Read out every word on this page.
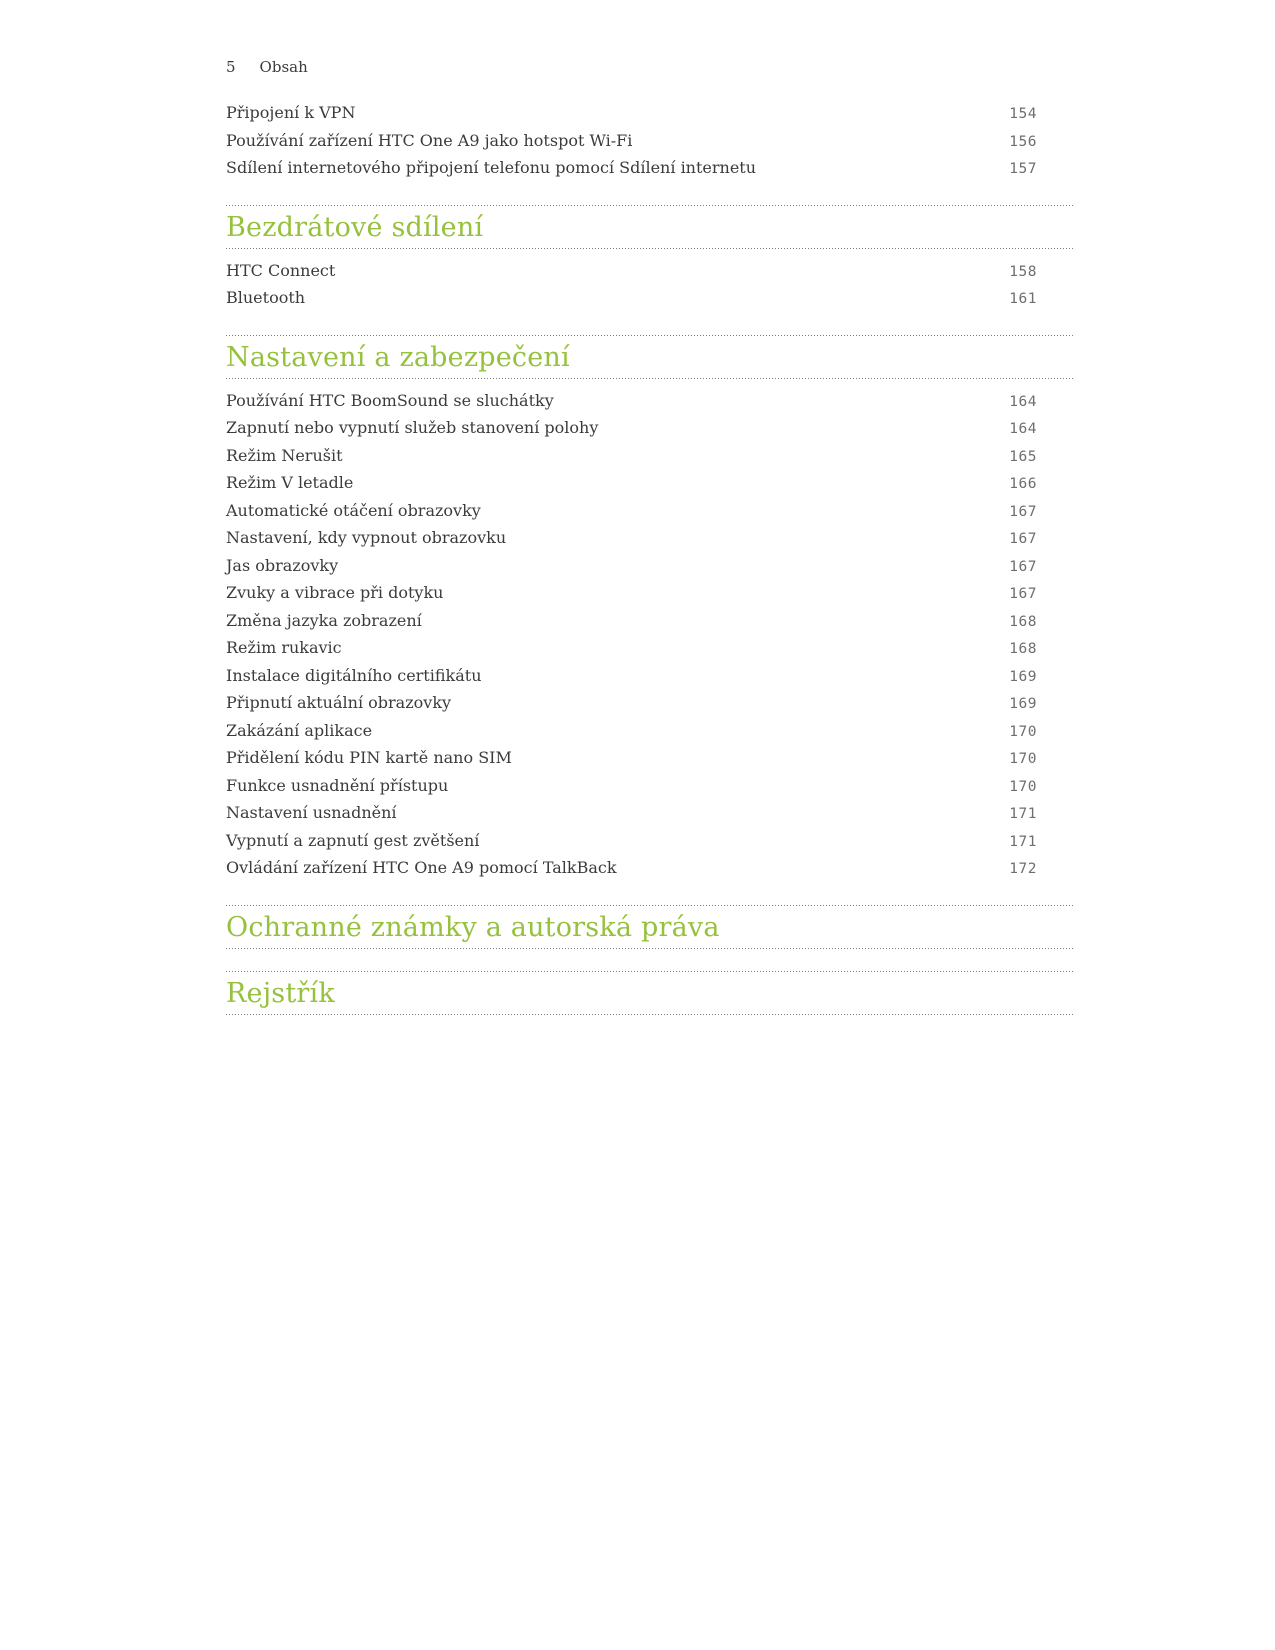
5 Obsah
Připojení k VPN	154
Používání zařízení HTC One A9 jako hotspot Wi-Fi	156
Sdílení internetového připojení telefonu pomocí Sdílení internetu	157
Bezdrátové sdílení
HTC Connect	158
Bluetooth	161
Nastavení a zabezpečení
Používání HTC BoomSound se sluchátky	164
Zapnutí nebo vypnutí služeb stanovení polohy	164
Režim Nerušit	165
Režim V letadle	166
Automatické otáčení obrazovky	167
Nastavení, kdy vypnout obrazovku	167
Jas obrazovky	167
Zvuky a vibrace při dotyku	167
Změna jazyka zobrazení	168
Režim rukavic	168
Instalace digitálního certifikátu	169
Připnutí aktuální obrazovky	169
Zakázání aplikace	170
Přidělení kódu PIN kartě nano SIM	170
Funkce usnadnění přístupu	170
Nastavení usnadnění	171
Vypnutí a zapnutí gest zvětšení	171
Ovládání zařízení HTC One A9 pomocí TalkBack	172
Ochranné známky a autorská práva
Rejstřík
